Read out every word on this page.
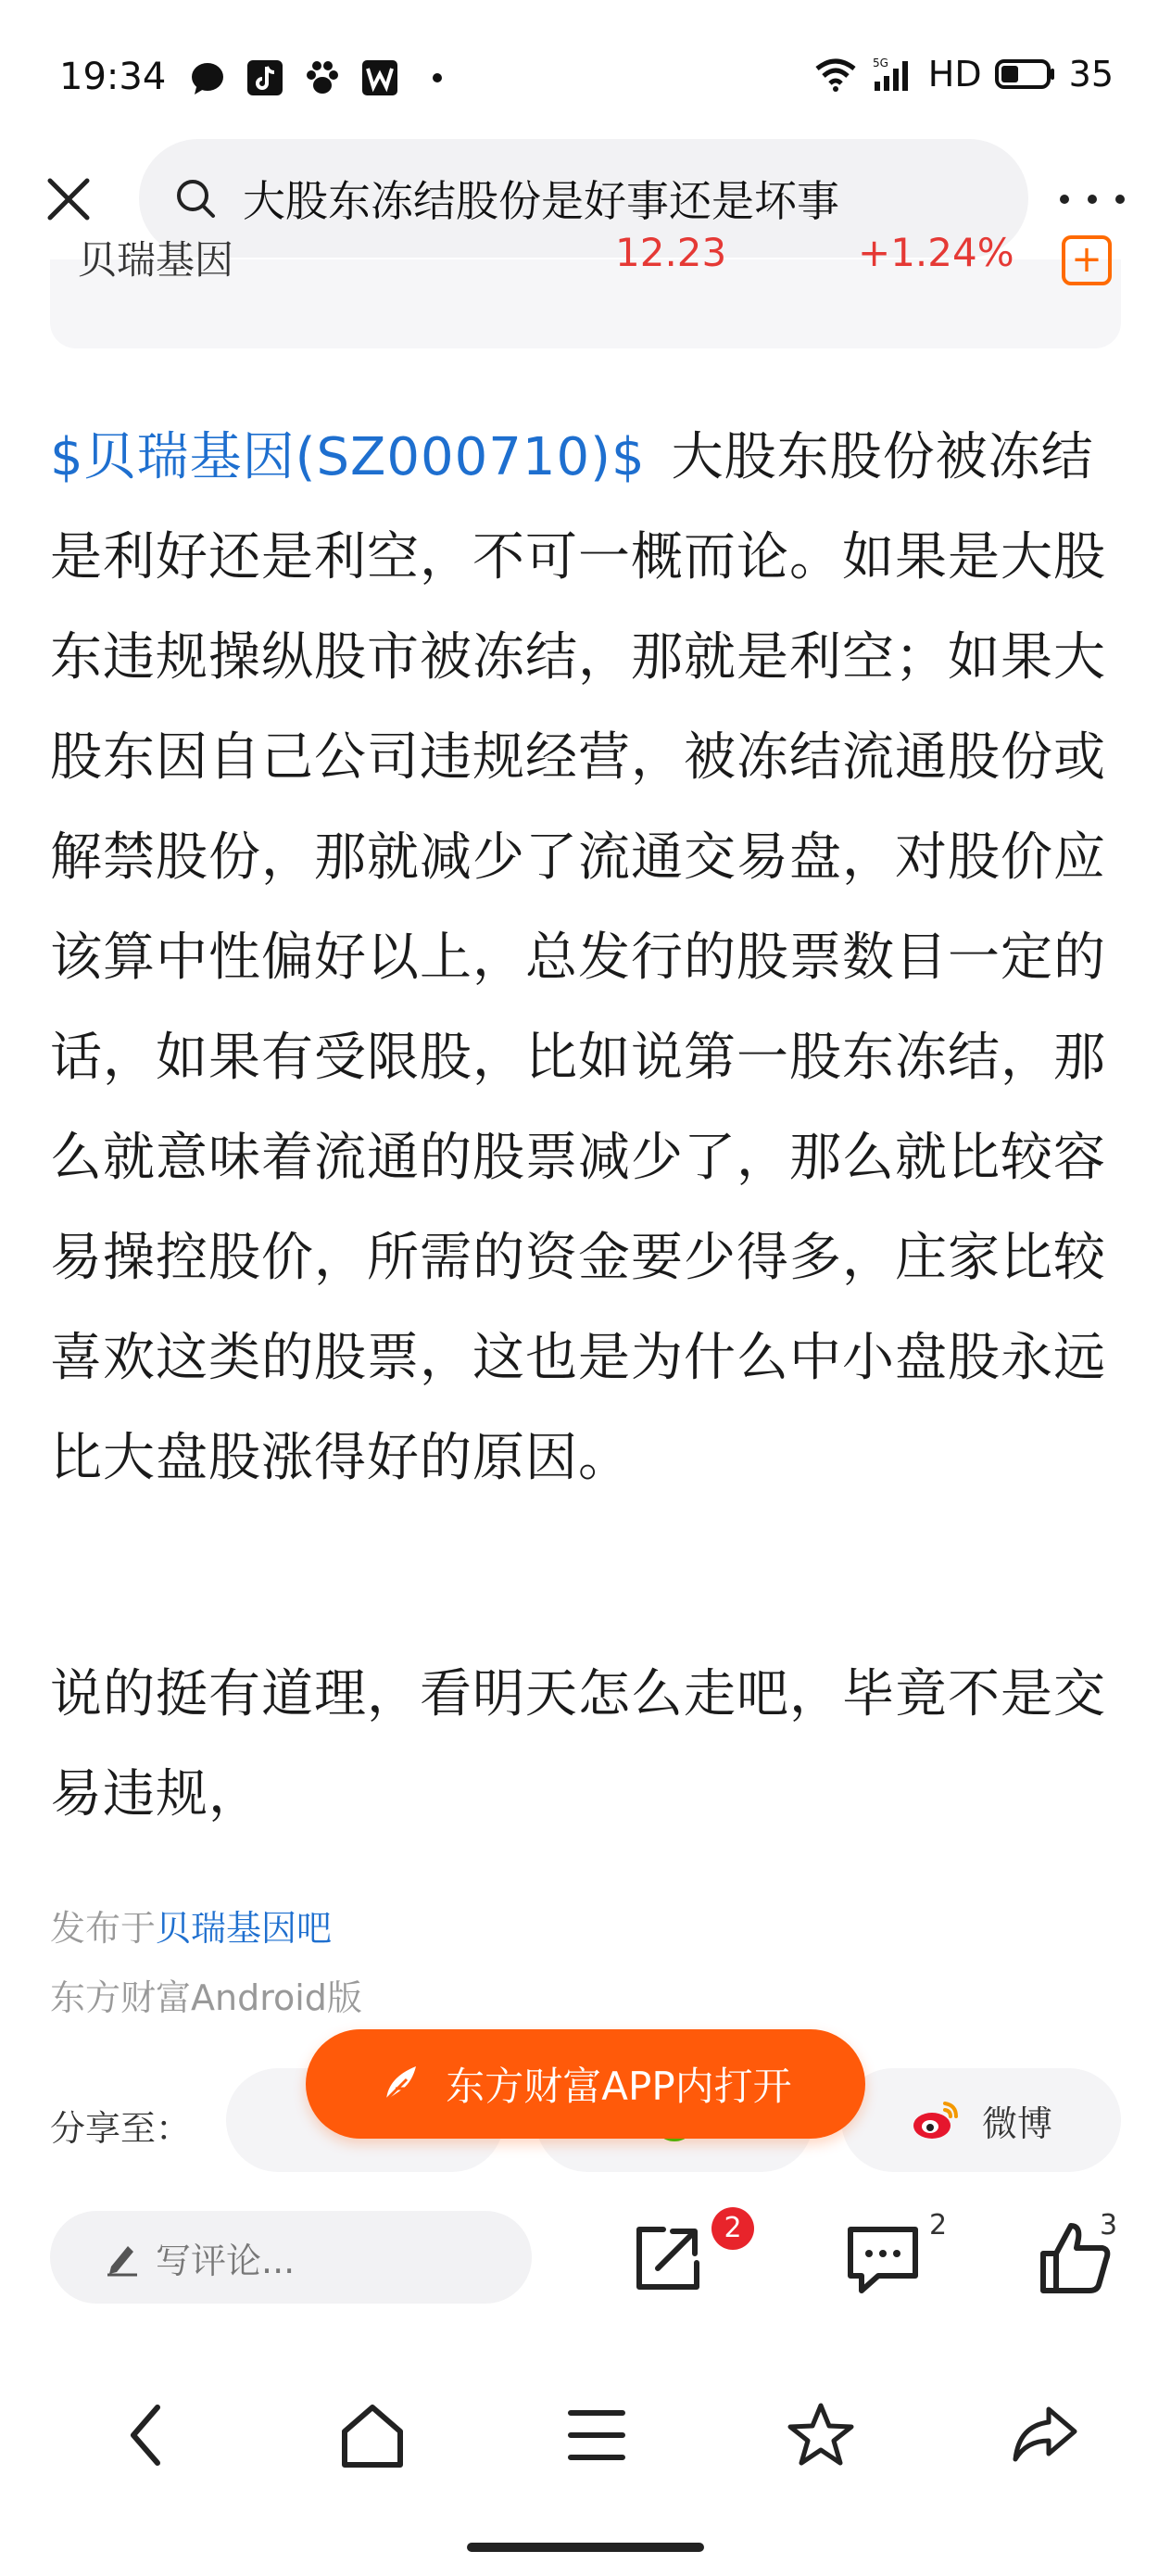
19:34	5G HD 35
大股东冻结股份是好事还是坏事
贝瑞基因	12.23	+1.24% +
$贝瑞基因(SZ000710)$ 大股东股份被冻结是利好还是利空，不可一概而论。如果是大股东违规操纵股市被冻结，那就是利空；如果大股东因自己公司违规经营，被冻结流通股份或解禁股份，那就减少了流通交易盘，对股价应该算中性偏好以上，总发行的股票数目一定的话，如果有受限股，比如说第一股东冻结，那么就意味着流通的股票减少了，那么就比较容易操控股价，所需的资金要少得多，庄家比较喜欢这类的股票，这也是为什么中小盘股永远比大盘股涨得好的原因。
说的挺有道理，看明天怎么走吧，毕竟不是交易违规，
发布于贝瑞基因吧
东方财富Android版
分享至：	微博
东方财富APP内打开
写评论...
2	2	3
